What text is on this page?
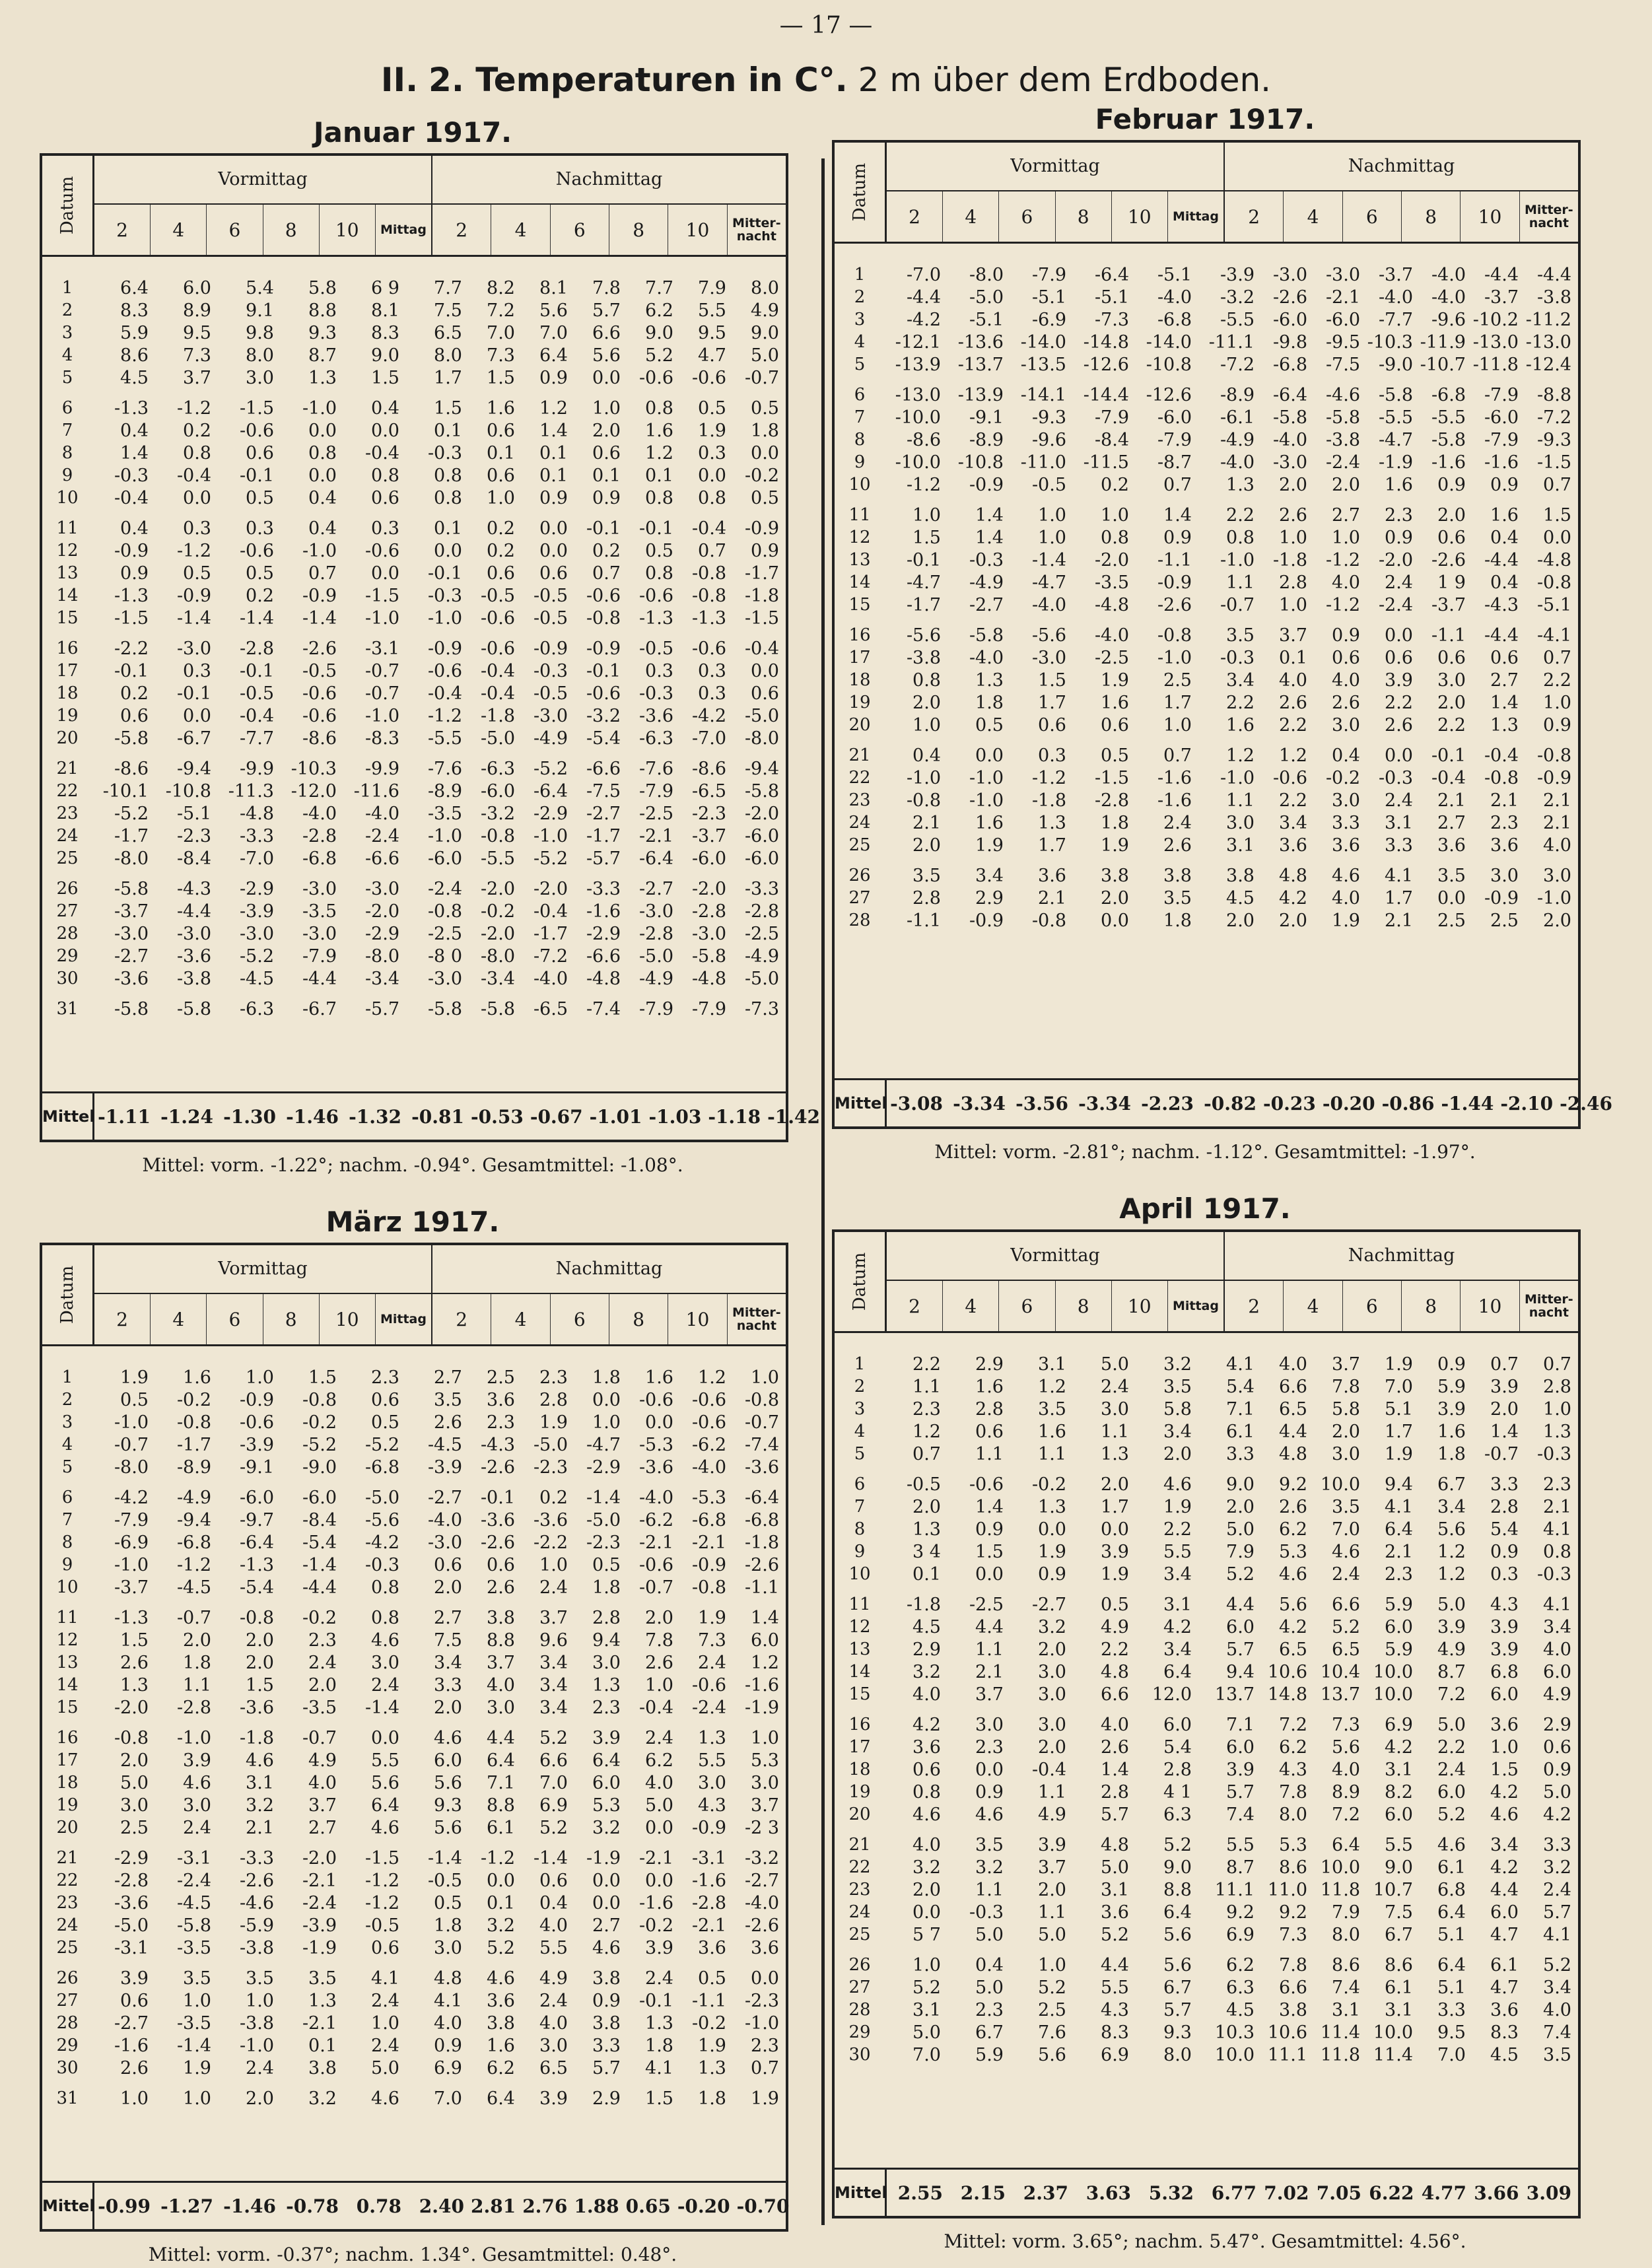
— 17 —
II. 2. Temperaturen in C°. 2 m über dem Erdboden.
Januar 1917.
Datum	Vormittag
2	4	6	8	10	Mittag
Nachmittag
2	4	6	8	10	Mitter-nacht
1	6.4	6.0	5.4	5.8	6 9	7.7	8.2	8.1	7.8	7.7	7.9	8.0
2	8.3	8.9	9.1	8.8	8.1	7.5	7.2	5.6	5.7	6.2	5.5	4.9
3	5.9	9.5	9.8	9.3	8.3	6.5	7.0	7.0	6.6	9.0	9.5	9.0
4	8.6	7.3	8.0	8.7	9.0	8.0	7.3	6.4	5.6	5.2	4.7	5.0
5	4.5	3.7	3.0	1.3	1.5	1.7	1.5	0.9	0.0	-0.6	-0.6	-0.7
6	-1.3	-1.2	-1.5	-1.0	0.4	1.5	1.6	1.2	1.0	0.8	0.5	0.5
7	0.4	0.2	-0.6	0.0	0.0	0.1	0.6	1.4	2.0	1.6	1.9	1.8
8	1.4	0.8	0.6	0.8	-0.4	-0.3	0.1	0.1	0.6	1.2	0.3	0.0
9	-0.3	-0.4	-0.1	0.0	0.8	0.8	0.6	0.1	0.1	0.1	0.0	-0.2
10	-0.4	0.0	0.5	0.4	0.6	0.8	1.0	0.9	0.9	0.8	0.8	0.5
11	0.4	0.3	0.3	0.4	0.3	0.1	0.2	0.0	-0.1	-0.1	-0.4	-0.9
12	-0.9	-1.2	-0.6	-1.0	-0.6	0.0	0.2	0.0	0.2	0.5	0.7	0.9
13	0.9	0.5	0.5	0.7	0.0	-0.1	0.6	0.6	0.7	0.8	-0.8	-1.7
14	-1.3	-0.9	0.2	-0.9	-1.5	-0.3	-0.5	-0.5	-0.6	-0.6	-0.8	-1.8
15	-1.5	-1.4	-1.4	-1.4	-1.0	-1.0	-0.6	-0.5	-0.8	-1.3	-1.3	-1.5
16	-2.2	-3.0	-2.8	-2.6	-3.1	-0.9	-0.6	-0.9	-0.9	-0.5	-0.6	-0.4
17	-0.1	0.3	-0.1	-0.5	-0.7	-0.6	-0.4	-0.3	-0.1	0.3	0.3	0.0
18	0.2	-0.1	-0.5	-0.6	-0.7	-0.4	-0.4	-0.5	-0.6	-0.3	0.3	0.6
19	0.6	0.0	-0.4	-0.6	-1.0	-1.2	-1.8	-3.0	-3.2	-3.6	-4.2	-5.0
20	-5.8	-6.7	-7.7	-8.6	-8.3	-5.5	-5.0	-4.9	-5.4	-6.3	-7.0	-8.0
21	-8.6	-9.4	-9.9 -10.3	-9.9	-7.6	-6.3	-5.2	-6.6	-7.6	-8.6	-9.4
22	-10.1 -10.8 -11.3 -12.0 -11.6	-8.9	-6.0	-6.4	-7.5	-7.9	-6.5	-5.8
23	-5.2	-5.1	-4.8	-4.0	-4.0	-3.5	-3.2	-2.9	-2.7	-2.5	-2.3	-2.0
24	-1.7	-2.3	-3.3	-2.8	-2.4	-1.0	-0.8	-1.0	-1.7	-2.1	-3.7	-6.0
25	-8.0	-8.4	-7.0	-6.8	-6.6	-6.0	-5.5	-5.2	-5.7	-6.4	-6.0	-6.0
26	-5.8	-4.3	-2.9	-3.0	-3.0	-2.4	-2.0	-2.0	-3.3	-2.7	-2.0	-3.3
27	-3.7	-4.4	-3.9	-3.5	-2.0	-0.8	-0.2	-0.4	-1.6	-3.0	-2.8	-2.8
28	-3.0	-3.0	-3.0	-3.0	-2.9	-2.5	-2.0	-1.7	-2.9	-2.8	-3.0	-2.5
29	-2.7	-3.6	-5.2	-7.9	-8.0	-8 0	-8.0	-7.2	-6.6	-5.0	-5.8	-4.9
30	-3.6	-3.8	-4.5	-4.4	-3.4	-3.0	-3.4	-4.0	-4.8	-4.9	-4.8	-5.0
31	-5.8	-5.8	-6.3	-6.7	-5.7	-5.8	-5.8	-6.5	-7.4	-7.9	-7.9	-7.3
Mittel -1.11 -1.24 -1.30 -1.46 -1.32 -0.81 -0.53 -0.67 -1.01 -1.03 -1.18 -1.42
Mittel: vorm. -1.22°; nachm. -0.94°. Gesamtmittel: -1.08°.
Februar 1917.
Datum	Vormittag
2	4	6	8	10	Mittag
Nachmittag
2	4	6	8	10	Mitter-nacht
1	-7.0	-8.0	-7.9	-6.4	-5.1	-3.9	-3.0	-3.0	-3.7	-4.0	-4.4	-4.4
2	-4.4	-5.0	-5.1	-5.1	-4.0	-3.2	-2.6	-2.1	-4.0	-4.0	-3.7	-3.8
3	-4.2	-5.1	-6.9	-7.3	-6.8	-5.5	-6.0	-6.0	-7.7	-9.6 -10.2 -11.2
4	-12.1 -13.6 -14.0 -14.8 -14.0 -11.1	-9.8	-9.5 -10.3 -11.9 -13.0 -13.0
5	-13.9 -13.7 -13.5 -12.6 -10.8	-7.2	-6.8	-7.5	-9.0 -10.7 -11.8 -12.4
6	-13.0 -13.9 -14.1 -14.4 -12.6	-8.9	-6.4	-4.6	-5.8	-6.8	-7.9	-8.8
7	-10.0	-9.1	-9.3	-7.9	-6.0	-6.1	-5.8	-5.8	-5.5	-5.5	-6.0	-7.2
8	-8.6	-8.9	-9.6	-8.4	-7.9	-4.9	-4.0	-3.8	-4.7	-5.8	-7.9	-9.3
9	-10.0 -10.8 -11.0 -11.5	-8.7	-4.0	-3.0	-2.4	-1.9	-1.6	-1.6	-1.5
10	-1.2	-0.9	-0.5	0.2	0.7	1.3	2.0	2.0	1.6	0.9	0.9	0.7
11	1.0	1.4	1.0	1.0	1.4	2.2	2.6	2.7	2.3	2.0	1.6	1.5
12	1.5	1.4	1.0	0.8	0.9	0.8	1.0	1.0	0.9	0.6	0.4	0.0
13	-0.1	-0.3	-1.4	-2.0	-1.1	-1.0	-1.8	-1.2	-2.0	-2.6	-4.4	-4.8
14	-4.7	-4.9	-4.7	-3.5	-0.9	1.1	2.8	4.0	2.4	1 9	0.4	-0.8
15	-1.7	-2.7	-4.0	-4.8	-2.6	-0.7	1.0	-1.2	-2.4	-3.7	-4.3	-5.1
16	-5.6	-5.8	-5.6	-4.0	-0.8	3.5	3.7	0.9	0.0	-1.1	-4.4	-4.1
17	-3.8	-4.0	-3.0	-2.5	-1.0	-0.3	0.1	0.6	0.6	0.6	0.6	0.7
18	0.8	1.3	1.5	1.9	2.5	3.4	4.0	4.0	3.9	3.0	2.7	2.2
19	2.0	1.8	1.7	1.6	1.7	2.2	2.6	2.6	2.2	2.0	1.4	1.0
20	1.0	0.5	0.6	0.6	1.0	1.6	2.2	3.0	2.6	2.2	1.3	0.9
21	0.4	0.0	0.3	0.5	0.7	1.2	1.2	0.4	0.0	-0.1	-0.4	-0.8
22	-1.0	-1.0	-1.2	-1.5	-1.6	-1.0	-0.6	-0.2	-0.3	-0.4	-0.8	-0.9
23	-0.8	-1.0	-1.8	-2.8	-1.6	1.1	2.2	3.0	2.4	2.1	2.1	2.1
24	2.1	1.6	1.3	1.8	2.4	3.0	3.4	3.3	3.1	2.7	2.3	2.1
25	2.0	1.9	1.7	1.9	2.6	3.1	3.6	3.6	3.3	3.6	3.6	4.0
26	3.5	3.4	3.6	3.8	3.8	3.8	4.8	4.6	4.1	3.5	3.0	3.0
27	2.8	2.9	2.1	2.0	3.5	4.5	4.2	4.0	1.7	0.0	-0.9	-1.0
28	-1.1	-0.9	-0.8	0.0	1.8	2.0	2.0	1.9	2.1	2.5	2.5	2.0
Mittel -3.08 -3.34 -3.56 -3.34 -2.23 -0.82 -0.23 -0.20 -0.86 -1.44 -2.10 -2.46
Mittel: vorm. -2.81°; nachm. -1.12°. Gesamtmittel: -1.97°.
März 1917.
Datum	Vormittag
2	4	6	8	10	Mittag
Nachmittag
2	4	6	8	10	Mitter-nacht
1	1.9	1.6	1.0	1.5	2.3	2.7	2.5	2.3	1.8	1.6	1.2	1.0
2	0.5	-0.2	-0.9	-0.8	0.6	3.5	3.6	2.8	0.0	-0.6	-0.6	-0.8
3	-1.0	-0.8	-0.6	-0.2	0.5	2.6	2.3	1.9	1.0	0.0	-0.6	-0.7
4	-0.7	-1.7	-3.9	-5.2	-5.2	-4.5	-4.3	-5.0	-4.7	-5.3	-6.2	-7.4
5	-8.0	-8.9	-9.1	-9.0	-6.8	-3.9	-2.6	-2.3	-2.9	-3.6	-4.0	-3.6
6	-4.2	-4.9	-6.0	-6.0	-5.0	-2.7	-0.1	0.2	-1.4	-4.0	-5.3	-6.4
7	-7.9	-9.4	-9.7	-8.4	-5.6	-4.0	-3.6	-3.6	-5.0	-6.2	-6.8	-6.8
8	-6.9	-6.8	-6.4	-5.4	-4.2	-3.0	-2.6	-2.2	-2.3	-2.1	-2.1	-1.8
9	-1.0	-1.2	-1.3	-1.4	-0.3	0.6	0.6	1.0	0.5	-0.6	-0.9	-2.6
10	-3.7	-4.5	-5.4	-4.4	0.8	2.0	2.6	2.4	1.8	-0.7	-0.8	-1.1
11	-1.3	-0.7	-0.8	-0.2	0.8	2.7	3.8	3.7	2.8	2.0	1.9	1.4
12	1.5	2.0	2.0	2.3	4.6	7.5	8.8	9.6	9.4	7.8	7.3	6.0
13	2.6	1.8	2.0	2.4	3.0	3.4	3.7	3.4	3.0	2.6	2.4	1.2
14	1.3	1.1	1.5	2.0	2.4	3.3	4.0	3.4	1.3	1.0	-0.6	-1.6
15	-2.0	-2.8	-3.6	-3.5	-1.4	2.0	3.0	3.4	2.3	-0.4	-2.4	-1.9
16	-0.8	-1.0	-1.8	-0.7	0.0	4.6	4.4	5.2	3.9	2.4	1.3	1.0
17	2.0	3.9	4.6	4.9	5.5	6.0	6.4	6.6	6.4	6.2	5.5	5.3
18	5.0	4.6	3.1	4.0	5.6	5.6	7.1	7.0	6.0	4.0	3.0	3.0
19	3.0	3.0	3.2	3.7	6.4	9.3	8.8	6.9	5.3	5.0	4.3	3.7
20	2.5	2.4	2.1	2.7	4.6	5.6	6.1	5.2	3.2	0.0	-0.9	-2 3
21	-2.9	-3.1	-3.3	-2.0	-1.5	-1.4	-1.2	-1.4	-1.9	-2.1	-3.1	-3.2
22	-2.8	-2.4	-2.6	-2.1	-1.2	-0.5	0.0	0.6	0.0	0.0	-1.6	-2.7
23	-3.6	-4.5	-4.6	-2.4	-1.2	0.5	0.1	0.4	0.0	-1.6	-2.8	-4.0
24	-5.0	-5.8	-5.9	-3.9	-0.5	1.8	3.2	4.0	2.7	-0.2	-2.1	-2.6
25	-3.1	-3.5	-3.8	-1.9	0.6	3.0	5.2	5.5	4.6	3.9	3.6	3.6
26	3.9	3.5	3.5	3.5	4.1	4.8	4.6	4.9	3.8	2.4	0.5	0.0
27	0.6	1.0	1.0	1.3	2.4	4.1	3.6	2.4	0.9	-0.1	-1.1	-2.3
28	-2.7	-3.5	-3.8	-2.1	1.0	4.0	3.8	4.0	3.8	1.3	-0.2	-1.0
29	-1.6	-1.4	-1.0	0.1	2.4	0.9	1.6	3.0	3.3	1.8	1.9	2.3
30	2.6	1.9	2.4	3.8	5.0	6.9	6.2	6.5	5.7	4.1	1.3	0.7
31	1.0	1.0	2.0	3.2	4.6	7.0	6.4	3.9	2.9	1.5	1.8	1.9
Mittel -0.99 -1.27 -1.46 -0.78 0.78 2.40 2.81 2.76 1.88 0.65 -0.20 -0.70
Mittel: vorm. -0.37°; nachm. 1.34°. Gesamtmittel: 0.48°.
April 1917.
Datum	Vormittag
2	4	6	8	10	Mittag
Nachmittag
2	4	6	8	10	Mitter-nacht
1	2.2	2.9	3.1	5.0	3.2	4.1	4.0	3.7	1.9	0.9	0.7	0.7
2	1.1	1.6	1.2	2.4	3.5	5.4	6.6	7.8	7.0	5.9	3.9	2.8
3	2.3	2.8	3.5	3.0	5.8	7.1	6.5	5.8	5.1	3.9	2.0	1.0
4	1.2	0.6	1.6	1.1	3.4	6.1	4.4	2.0	1.7	1.6	1.4	1.3
5	0.7	1.1	1.1	1.3	2.0	3.3	4.8	3.0	1.9	1.8	-0.7	-0.3
6	-0.5	-0.6	-0.2	2.0	4.6	9.0	9.2 10.0	9.4	6.7	3.3	2.3
7	2.0	1.4	1.3	1.7	1.9	2.0	2.6	3.5	4.1	3.4	2.8	2.1
8	1.3	0.9	0.0	0.0	2.2	5.0	6.2	7.0	6.4	5.6	5.4	4.1
9	3 4	1.5	1.9	3.9	5.5	7.9	5.3	4.6	2.1	1.2	0.9	0.8
10	0.1	0.0	0.9	1.9	3.4	5.2	4.6	2.4	2.3	1.2	0.3	-0.3
11	-1.8	-2.5	-2.7	0.5	3.1	4.4	5.6	6.6	5.9	5.0	4.3	4.1
12	4.5	4.4	3.2	4.9	4.2	6.0	4.2	5.2	6.0	3.9	3.9	3.4
13	2.9	1.1	2.0	2.2	3.4	5.7	6.5	6.5	5.9	4.9	3.9	4.0
14	3.2	2.1	3.0	4.8	6.4	9.4 10.6 10.4 10.0	8.7	6.8	6.0
15	4.0	3.7	3.0	6.6	12.0	13.7 14.8 13.7 10.0	7.2	6.0	4.9
16	4.2	3.0	3.0	4.0	6.0	7.1	7.2	7.3	6.9	5.0	3.6	2.9
17	3.6	2.3	2.0	2.6	5.4	6.0	6.2	5.6	4.2	2.2	1.0	0.6
18	0.6	0.0	-0.4	1.4	2.8	3.9	4.3	4.0	3.1	2.4	1.5	0.9
19	0.8	0.9	1.1	2.8	4 1	5.7	7.8	8.9	8.2	6.0	4.2	5.0
20	4.6	4.6	4.9	5.7	6.3	7.4	8.0	7.2	6.0	5.2	4.6	4.2
21	4.0	3.5	3.9	4.8	5.2	5.5	5.3	6.4	5.5	4.6	3.4	3.3
22	3.2	3.2	3.7	5.0	9.0	8.7	8.6 10.0	9.0	6.1	4.2	3.2
23	2.0	1.1	2.0	3.1	8.8	11.1 11.0 11.8 10.7	6.8	4.4	2.4
24	0.0	-0.3	1.1	3.6	6.4	9.2	9.2	7.9	7.5	6.4	6.0	5.7
25	5 7	5.0	5.0	5.2	5.6	6.9	7.3	8.0	6.7	5.1	4.7	4.1
26	1.0	0.4	1.0	4.4	5.6	6.2	7.8	8.6	8.6	6.4	6.1	5.2
27	5.2	5.0	5.2	5.5	6.7	6.3	6.6	7.4	6.1	5.1	4.7	3.4
28	3.1	2.3	2.5	4.3	5.7	4.5	3.8	3.1	3.1	3.3	3.6	4.0
29	5.0	6.7	7.6	8.3	9.3	10.3 10.6 11.4 10.0	9.5	8.3	7.4
30	7.0	5.9	5.6	6.9	8.0	10.0 11.1 11.8 11.4	7.0	4.5	3.5
Mittel 2.55 2.15 2.37 3.63 5.32 6.77 7.02 7.05 6.22 4.77 3.66 3.09
Mittel: vorm. 3.65°; nachm. 5.47°. Gesamtmittel: 4.56°.
